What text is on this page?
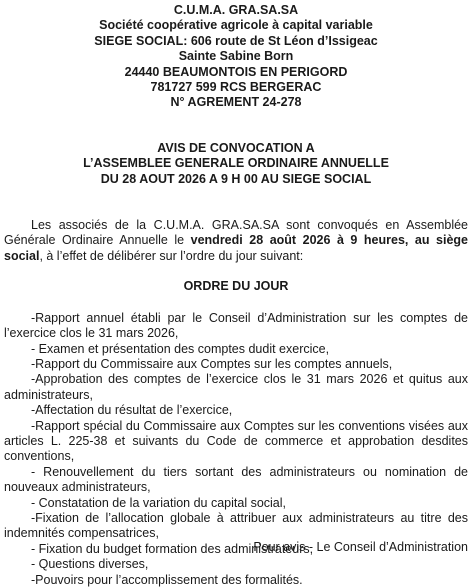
C.U.M.A. GRA.SA.SA
Société coopérative agricole à capital variable
SIEGE SOCIAL: 606 route de St Léon d’Issigeac
Sainte Sabine Born
24440 BEAUMONTOIS EN PERIGORD
781727 599 RCS BERGERAC
N° AGREMENT 24-278
AVIS DE CONVOCATION A
L’ASSEMBLEE GENERALE ORDINAIRE ANNUELLE
DU 28 AOUT 2026 A 9 H 00 AU SIEGE SOCIAL

Les associés de la C.U.M.A. GRA.SA.SA sont convoqués en Assemblée Générale Ordinaire Annuelle le vendredi 28 août 2026 à 9 heures, au siège social, à l’effet de délibérer sur l’ordre du jour suivant:

ORDRE DU JOUR
-Rapport annuel établi par le Conseil d’Administration sur les comptes de l’exercice clos le 31 mars 2026,
- Examen et présentation des comptes dudit exercice,
-Rapport du Commissaire aux Comptes sur les comptes annuels,
-Approbation des comptes de l’exercice clos le 31 mars 2026 et quitus aux administrateurs,
-Affectation du résultat de l’exercice,
-Rapport spécial du Commissaire aux Comptes sur les conventions visées aux articles L. 225-38 et suivants du Code de commerce et approbation desdites conventions,
- Renouvellement du tiers sortant des administrateurs ou nomination de nouveaux administrateurs,
- Constatation de la variation du capital social,
-Fixation de l’allocation globale à attribuer aux administrateurs au titre des indemnités compensatrices,
- Fixation du budget formation des administrateurs,
- Questions diverses,
-Pouvoirs pour l’accomplissement des formalités.
Pour avis - Le Conseil d’Administration
